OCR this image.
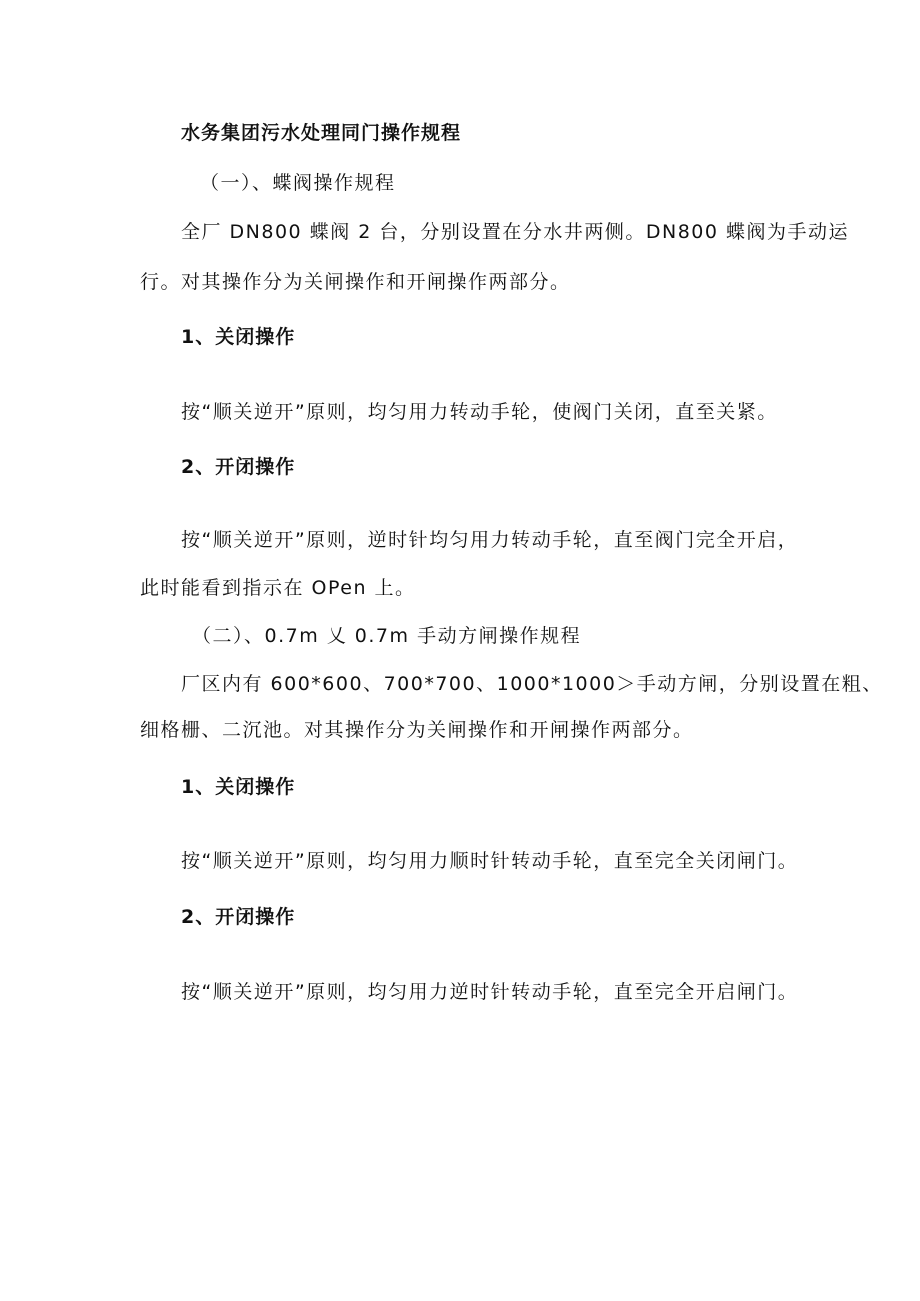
水务集团污水处理同门操作规程

（一）、蝶阀操作规程

全厂 DN800 蝶阀 2 台，分别设置在分水井两侧。DN800 蝶阀为手动运

行。对其操作分为关闸操作和开闸操作两部分。

1、关闭操作

按“顺关逆开”原则，均匀用力转动手轮，使阀门关闭，直至关紧。

2、开闭操作

按“顺关逆开”原则，逆时针均匀用力转动手轮，直至阀门完全开启，

此时能看到指示在 OPen 上。

（二）、0.7m 乂 0.7m 手动方闸操作规程

厂区内有 600*600、700*700、1000*1000＞手动方闸，分别设置在粗、

细格栅、二沉池。对其操作分为关闸操作和开闸操作两部分。

1、关闭操作

按“顺关逆开”原则，均匀用力顺时针转动手轮，直至完全关闭闸门。

2、开闭操作

按“顺关逆开”原则，均匀用力逆时针转动手轮，直至完全开启闸门。
